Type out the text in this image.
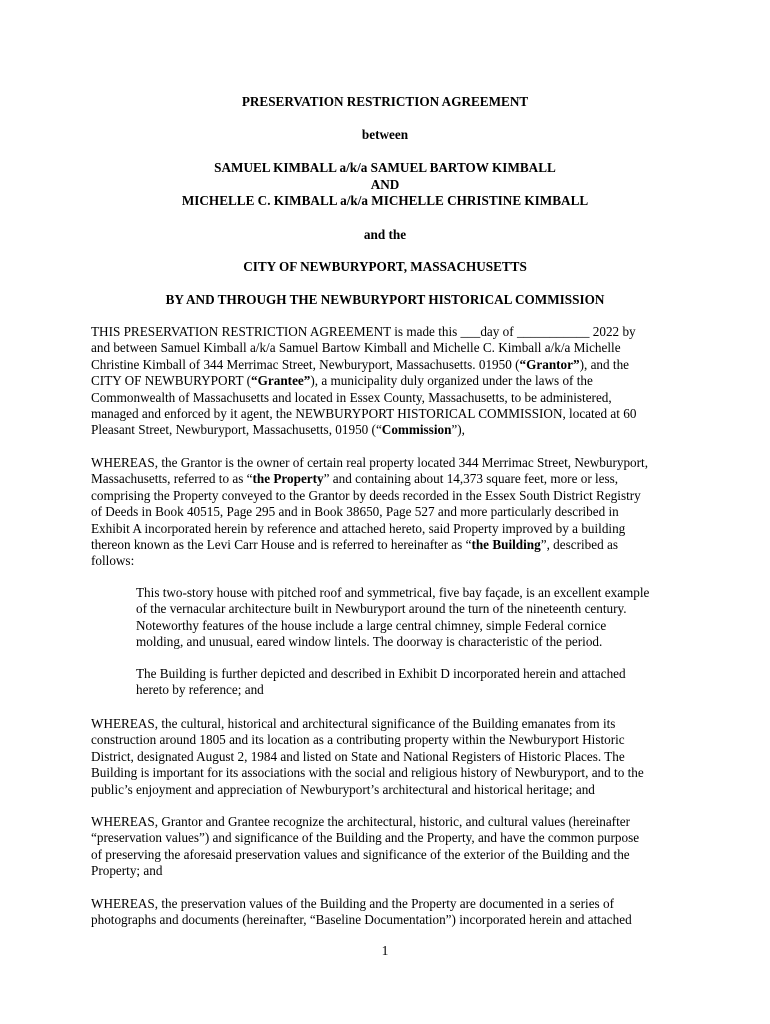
PRESERVATION RESTRICTION AGREEMENT
between
SAMUEL KIMBALL a/k/a SAMUEL BARTOW KIMBALL
AND
MICHELLE C. KIMBALL a/k/a MICHELLE CHRISTINE KIMBALL
and the
CITY OF NEWBURYPORT, MASSACHUSETTS
BY AND THROUGH THE NEWBURYPORT HISTORICAL COMMISSION
THIS PRESERVATION RESTRICTION AGREEMENT is made this ___day of ___________ 2022 by
and between Samuel Kimball a/k/a Samuel Bartow Kimball and Michelle C. Kimball a/k/a Michelle
Christine Kimball of 344 Merrimac Street, Newburyport, Massachusetts. 01950 (“Grantor”), and the
CITY OF NEWBURYPORT (“Grantee”), a municipality duly organized under the laws of the
Commonwealth of Massachusetts and located in Essex County, Massachusetts, to be administered,
managed and enforced by it agent, the NEWBURYPORT HISTORICAL COMMISSION, located at 60
Pleasant Street, Newburyport, Massachusetts, 01950 (“Commission”),
WHEREAS, the Grantor is the owner of certain real property located 344 Merrimac Street, Newburyport,
Massachusetts, referred to as “the Property” and containing about 14,373 square feet, more or less,
comprising the Property conveyed to the Grantor by deeds recorded in the Essex South District Registry
of Deeds in Book 40515, Page 295 and in Book 38650, Page 527 and more particularly described in
Exhibit A incorporated herein by reference and attached hereto, said Property improved by a building
thereon known as the Levi Carr House and is referred to hereinafter as “the Building”, described as
follows:
This two-story house with pitched roof and symmetrical, five bay façade, is an excellent example
of the vernacular architecture built in Newburyport around the turn of the nineteenth century.
Noteworthy features of the house include a large central chimney, simple Federal cornice
molding, and unusual, eared window lintels. The doorway is characteristic of the period.
The Building is further depicted and described in Exhibit D incorporated herein and attached
hereto by reference; and
WHEREAS, the cultural, historical and architectural significance of the Building emanates from its
construction around 1805 and its location as a contributing property within the Newburyport Historic
District, designated August 2, 1984 and listed on State and National Registers of Historic Places. The
Building is important for its associations with the social and religious history of Newburyport, and to the
public’s enjoyment and appreciation of Newburyport’s architectural and historical heritage; and
WHEREAS, Grantor and Grantee recognize the architectural, historic, and cultural values (hereinafter
“preservation values”) and significance of the Building and the Property, and have the common purpose
of preserving the aforesaid preservation values and significance of the exterior of the Building and the
Property; and
WHEREAS, the preservation values of the Building and the Property are documented in a series of
photographs and documents (hereinafter, “Baseline Documentation”) incorporated herein and attached
1
